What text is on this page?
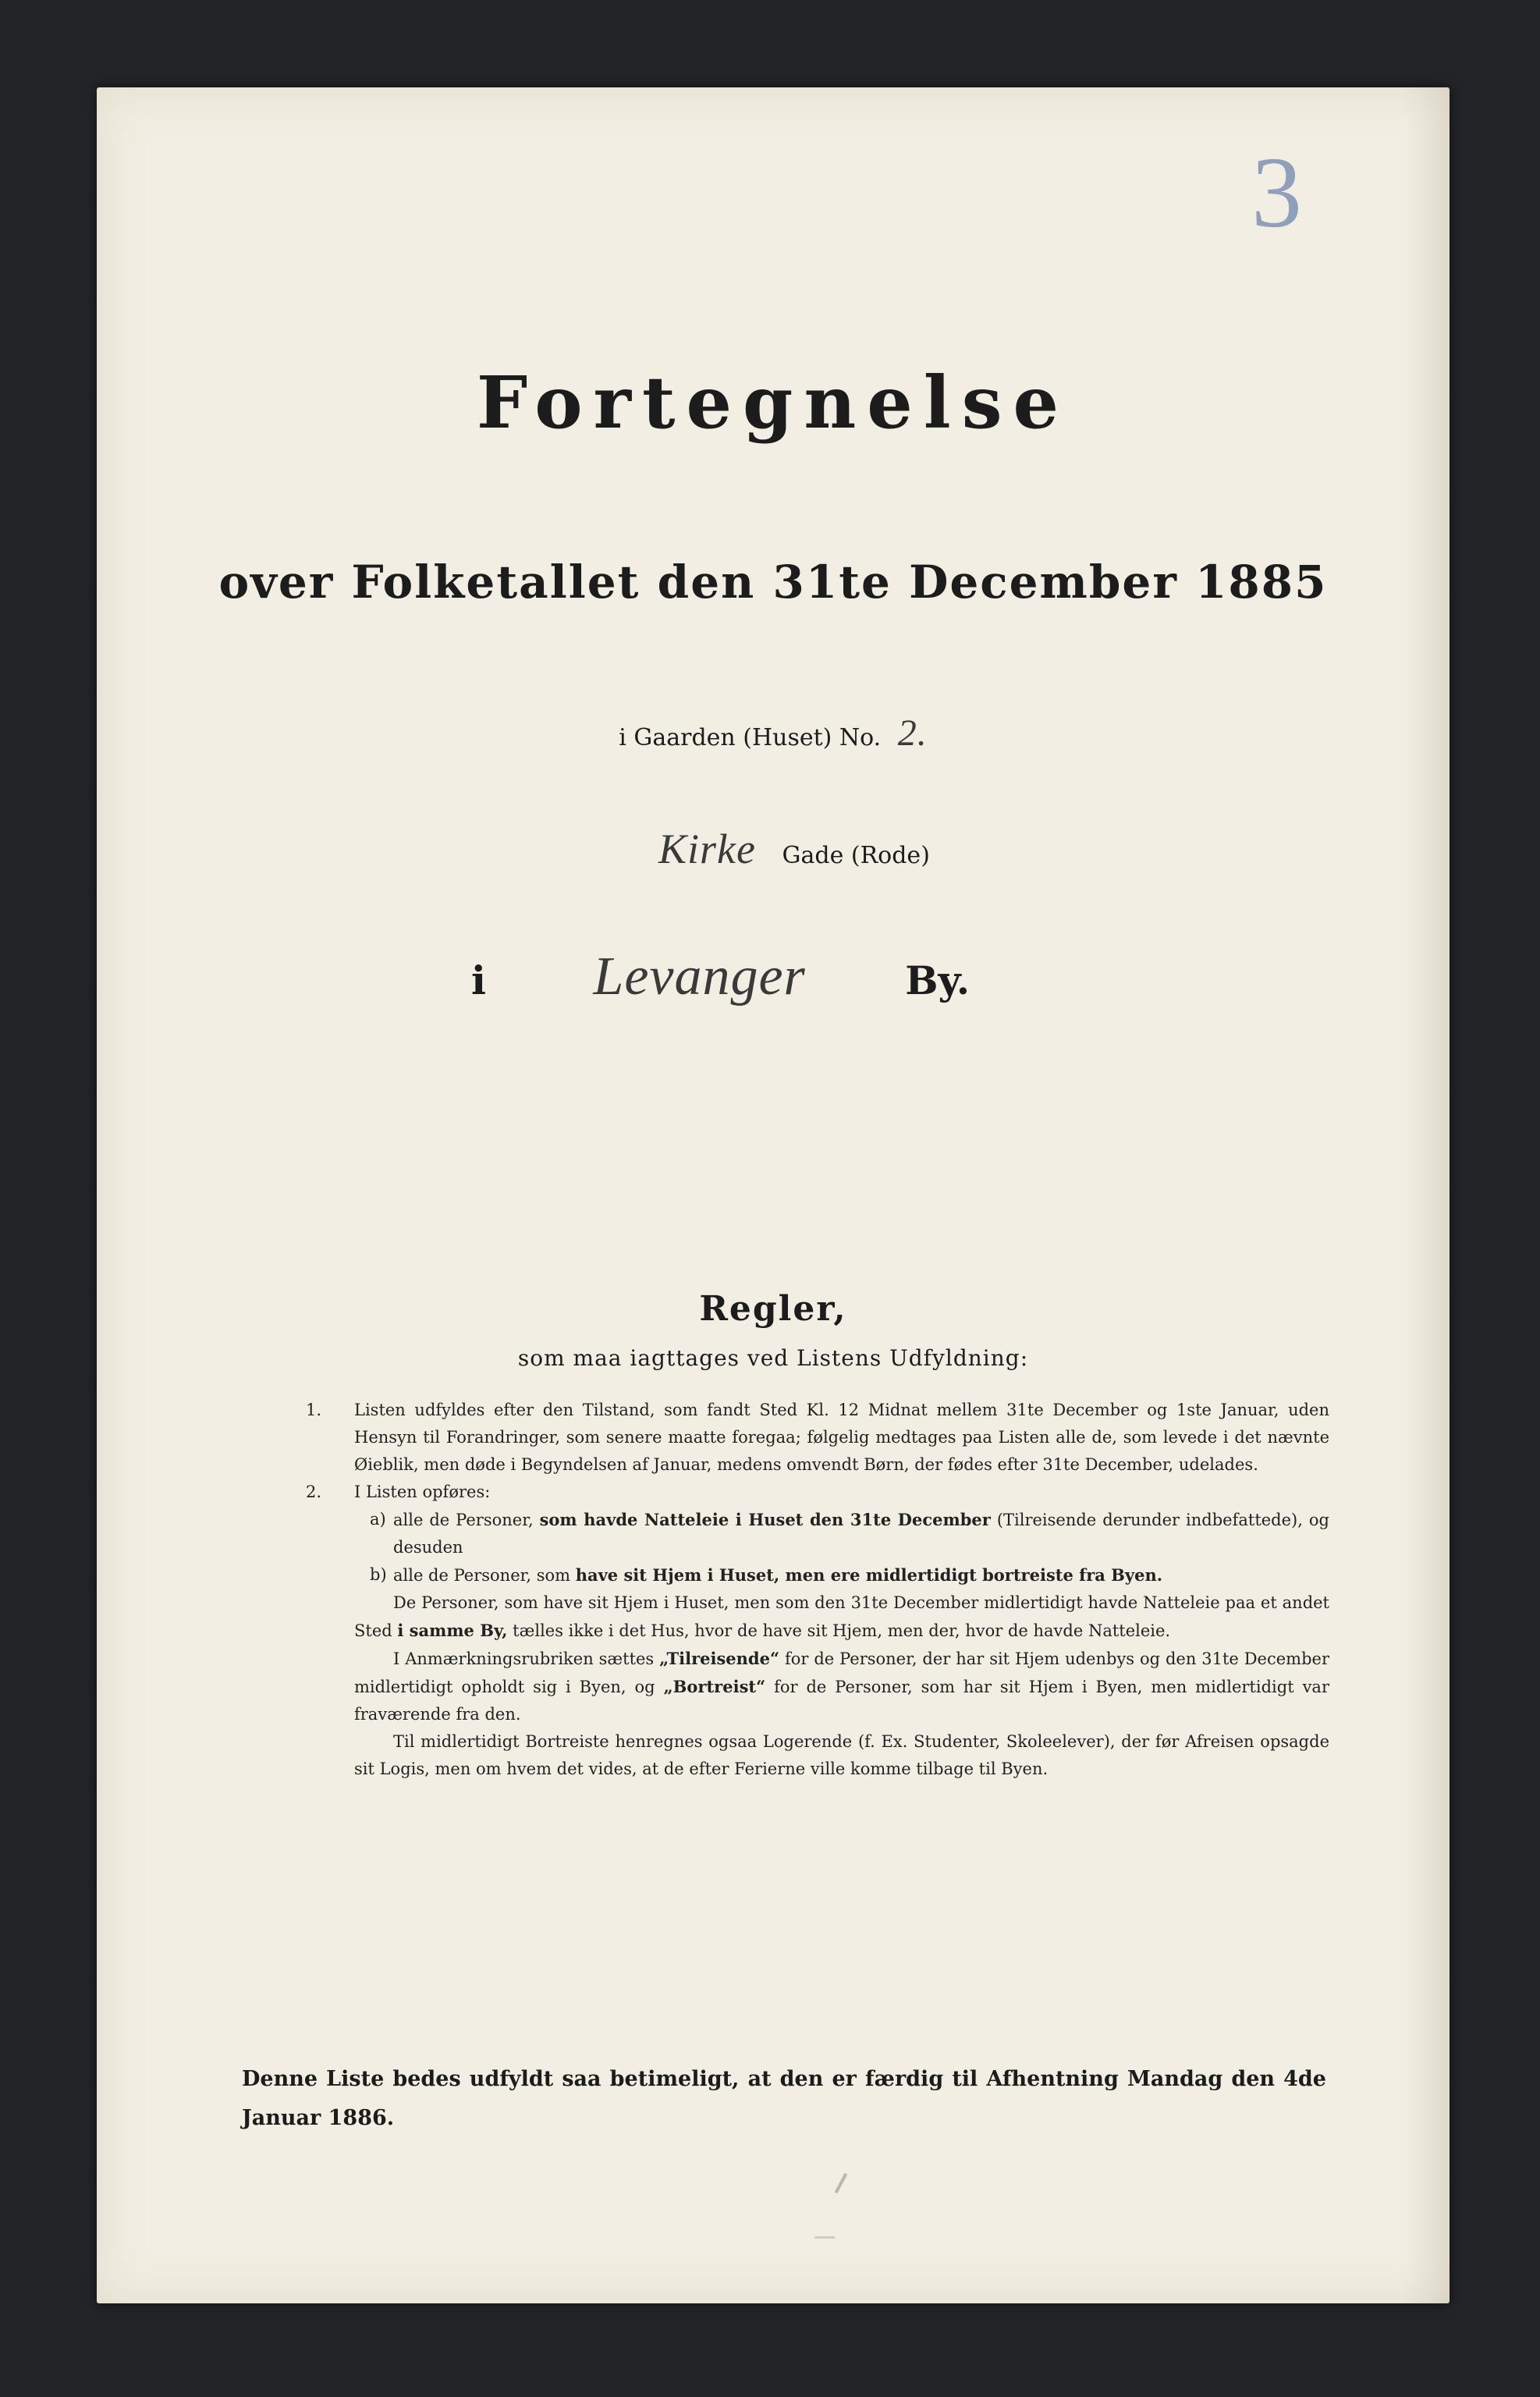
3
Fortegnelse
over Folketallet den 31te December 1885
i Gaarden (Huset) No. 2.
Kirke Gade (Rode)
i Levanger	By.
Regler,
som maa iagttages ved Listens Udfyldning:

1. Listen udfyldes efter den Tilstand, som fandt Sted Kl. 12 Midnat mellem 31te December og 1ste Januar, uden Hensyn til Forandringer, som senere maatte foregaa; følgelig medtages paa Listen alle de, som levede i det nævnte Øieblik, men døde i Begyndelsen af Januar, medens omvendt Børn, der fødes efter 31te December, udelades.

2. I Listen opføres:

a) alle de Personer, som havde Natteleie i Huset den 31te December (Tilreisende derunder indbefattede), og desuden

b) alle de Personer, som have sit Hjem i Huset, men ere midlertidigt bortreiste fra Byen.

De Personer, som have sit Hjem i Huset, men som den 31te December midlertidigt havde Natteleie paa et andet Sted i samme By, tælles ikke i det Hus, hvor de have sit Hjem, men der, hvor de havde Natteleie.

I Anmærkningsrubriken sættes „Tilreisende“ for de Personer, der har sit Hjem udenbys og den 31te December midlertidigt opholdt sig i Byen, og „Bortreist“ for de Personer, som har sit Hjem i Byen, men midlertidigt var fraværende fra den.

Til midlertidigt Bortreiste henregnes ogsaa Logerende (f. Ex. Studenter, Skoleelever), der før Afreisen opsagde sit Logis, men om hvem det vides, at de efter Ferierne ville komme tilbage til Byen.

Denne Liste bedes udfyldt saa betimeligt, at den er færdig til Afhentning Mandag den 4de Januar 1886.
